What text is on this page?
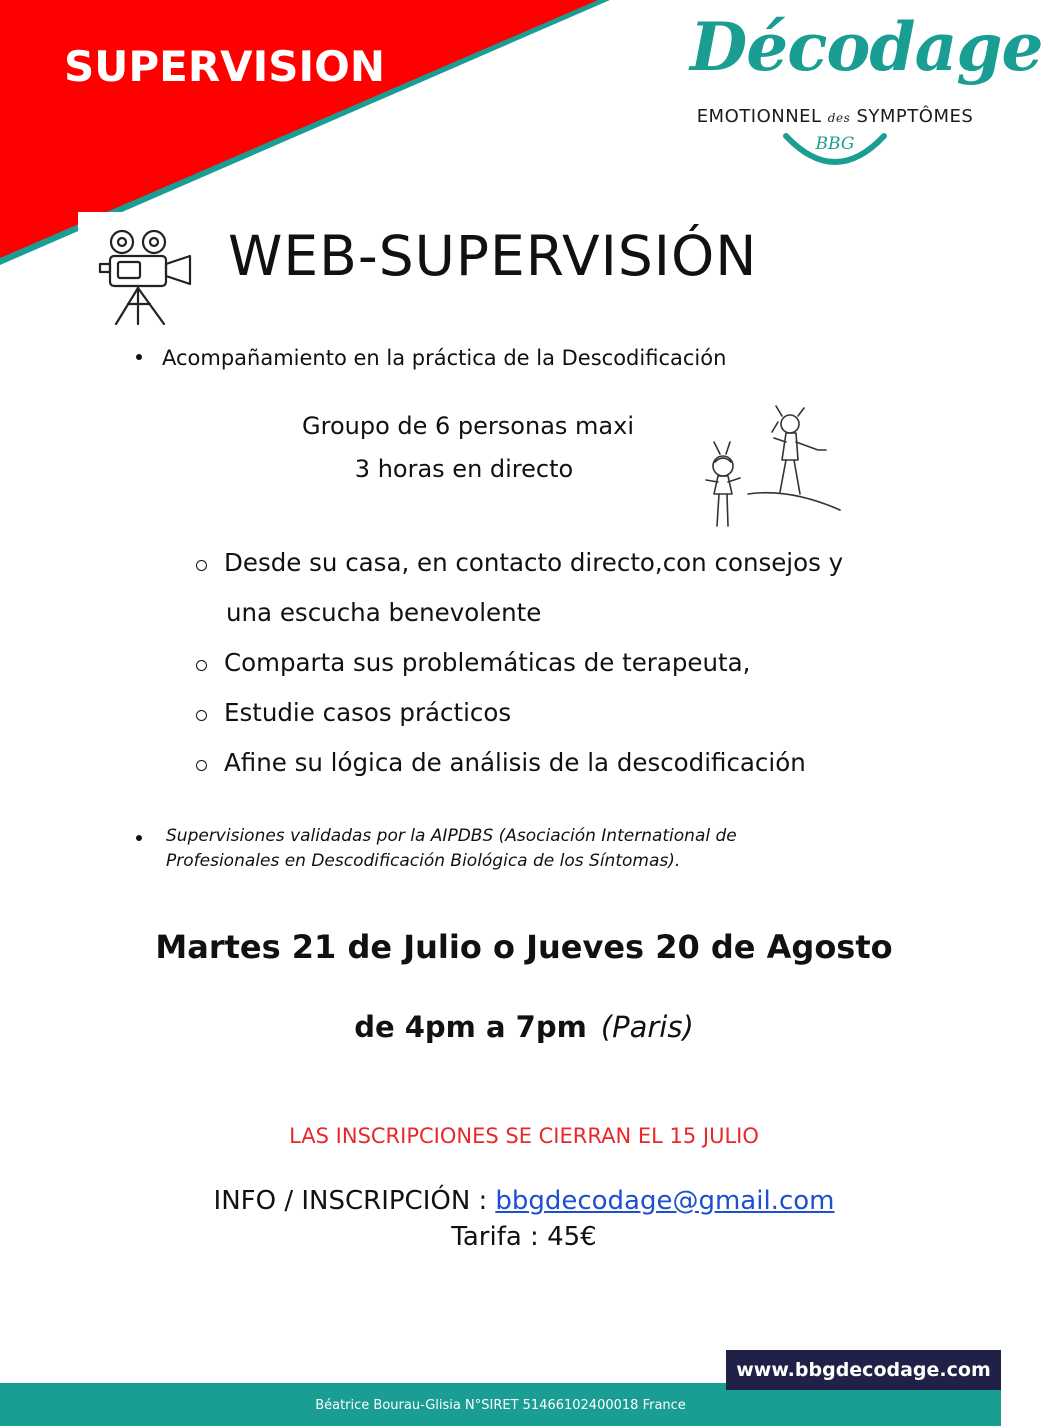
SUPERVISION	Décodage
EMOTIONNEL des SYMPTÔMES
BBG
WEB-SUPERVISIÓN
Acompañamiento en la práctica de la Descodificación
Groupo de 6 personas maxi
3 horas en directo
Desde su casa, en contacto directo,con consejos y
una escucha benevolente
Comparta sus problemáticas de terapeuta,
Estudie casos prácticos
Afine su lógica de análisis de la descodificación
Supervisiones validadas por la AIPDBS (Asociación International de
Profesionales en Descodificación Biológica de los Síntomas).

Martes 21 de Julio o Jueves 20 de Agosto

de 4pm a 7pm (Paris)

LAS INSCRIPCIONES SE CIERRAN EL 15 JULIO

INFO / INSCRIPCIÓN : bbgdecodage@gmail.com

Tarifa : 45€

Béatrice Bourau-Glisia N°SIRET 51466102400018 France
www.bbgdecodage.com
